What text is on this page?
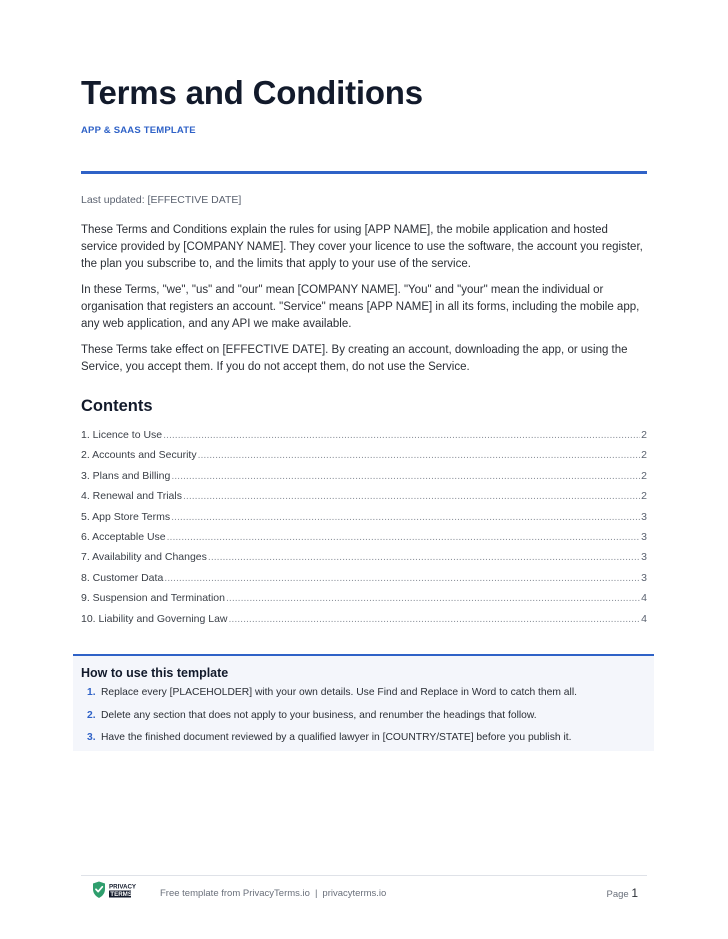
Terms and Conditions
APP & SAAS TEMPLATE
Last updated: [EFFECTIVE DATE]

These Terms and Conditions explain the rules for using [APP NAME], the mobile application and hosted service provided by [COMPANY NAME]. They cover your licence to use the software, the account you register, the plan you subscribe to, and the limits that apply to your use of the service.

In these Terms, "we", "us" and "our" mean [COMPANY NAME]. "You" and "your" mean the individual or organisation that registers an account. "Service" means [APP NAME] in all its forms, including the mobile app, any web application, and any API we make available.

These Terms take effect on [EFFECTIVE DATE]. By creating an account, downloading the app, or using the Service, you accept them. If you do not accept them, do not use the Service.

Contents
1. Licence to Use .....	2
2. Accounts and Security .....	2
3. Plans and Billing .....	2
4. Renewal and Trials .....	2
5. App Store Terms .....	3
6. Acceptable Use .....	3
7. Availability and Changes .....	3
8. Customer Data .....	3
9. Suspension and Termination .....	4
10. Liability and Governing Law .....	4
PRIVACY
TERMS	Free template from PrivacyTerms.io | privacyterms.io	Page 1
How to use this template
1. Replace every [PLACEHOLDER] with your own details. Use Find and Replace in Word to catch them all.
2. Delete any section that does not apply to your business, and renumber the headings that follow.
3. Have the finished document reviewed by a qualified lawyer in [COUNTRY/STATE] before you publish it.
